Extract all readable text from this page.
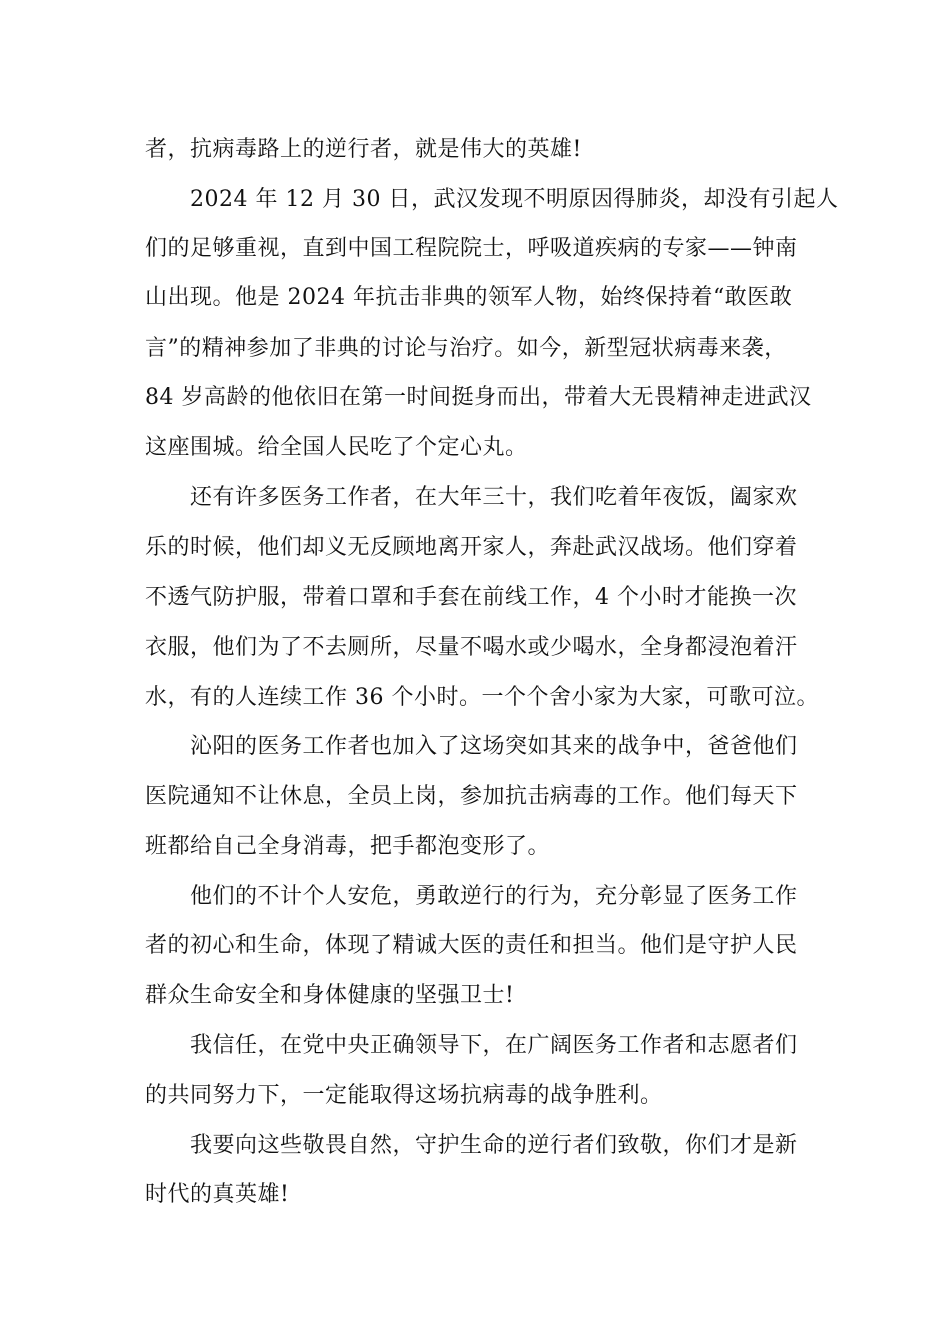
者，抗病毒路上的逆行者，就是伟大的英雄!
2024 年 12 月 30 日，武汉发现不明原因得肺炎，却没有引起人
们的足够重视，直到中国工程院院士，呼吸道疾病的专家——钟南
山出现。他是 2024 年抗击非典的领军人物，始终保持着“敢医敢
言”的精神参加了非典的讨论与治疗。如今，新型冠状病毒来袭，
84 岁高龄的他依旧在第一时间挺身而出，带着大无畏精神走进武汉
这座围城。给全国人民吃了个定心丸。
还有许多医务工作者，在大年三十，我们吃着年夜饭，阖家欢
乐的时候，他们却义无反顾地离开家人，奔赴武汉战场。他们穿着
不透气防护服，带着口罩和手套在前线工作，4 个小时才能换一次
衣服，他们为了不去厕所，尽量不喝水或少喝水，全身都浸泡着汗
水，有的人连续工作 36 个小时。一个个舍小家为大家，可歌可泣。
沁阳的医务工作者也加入了这场突如其来的战争中，爸爸他们
医院通知不让休息，全员上岗，参加抗击病毒的工作。他们每天下
班都给自己全身消毒，把手都泡变形了。
他们的不计个人安危，勇敢逆行的行为，充分彰显了医务工作
者的初心和生命，体现了精诚大医的责任和担当。他们是守护人民
群众生命安全和身体健康的坚强卫士!
我信任，在党中央正确领导下，在广阔医务工作者和志愿者们
的共同努力下，一定能取得这场抗病毒的战争胜利。
我要向这些敬畏自然，守护生命的逆行者们致敬，你们才是新
时代的真英雄!
